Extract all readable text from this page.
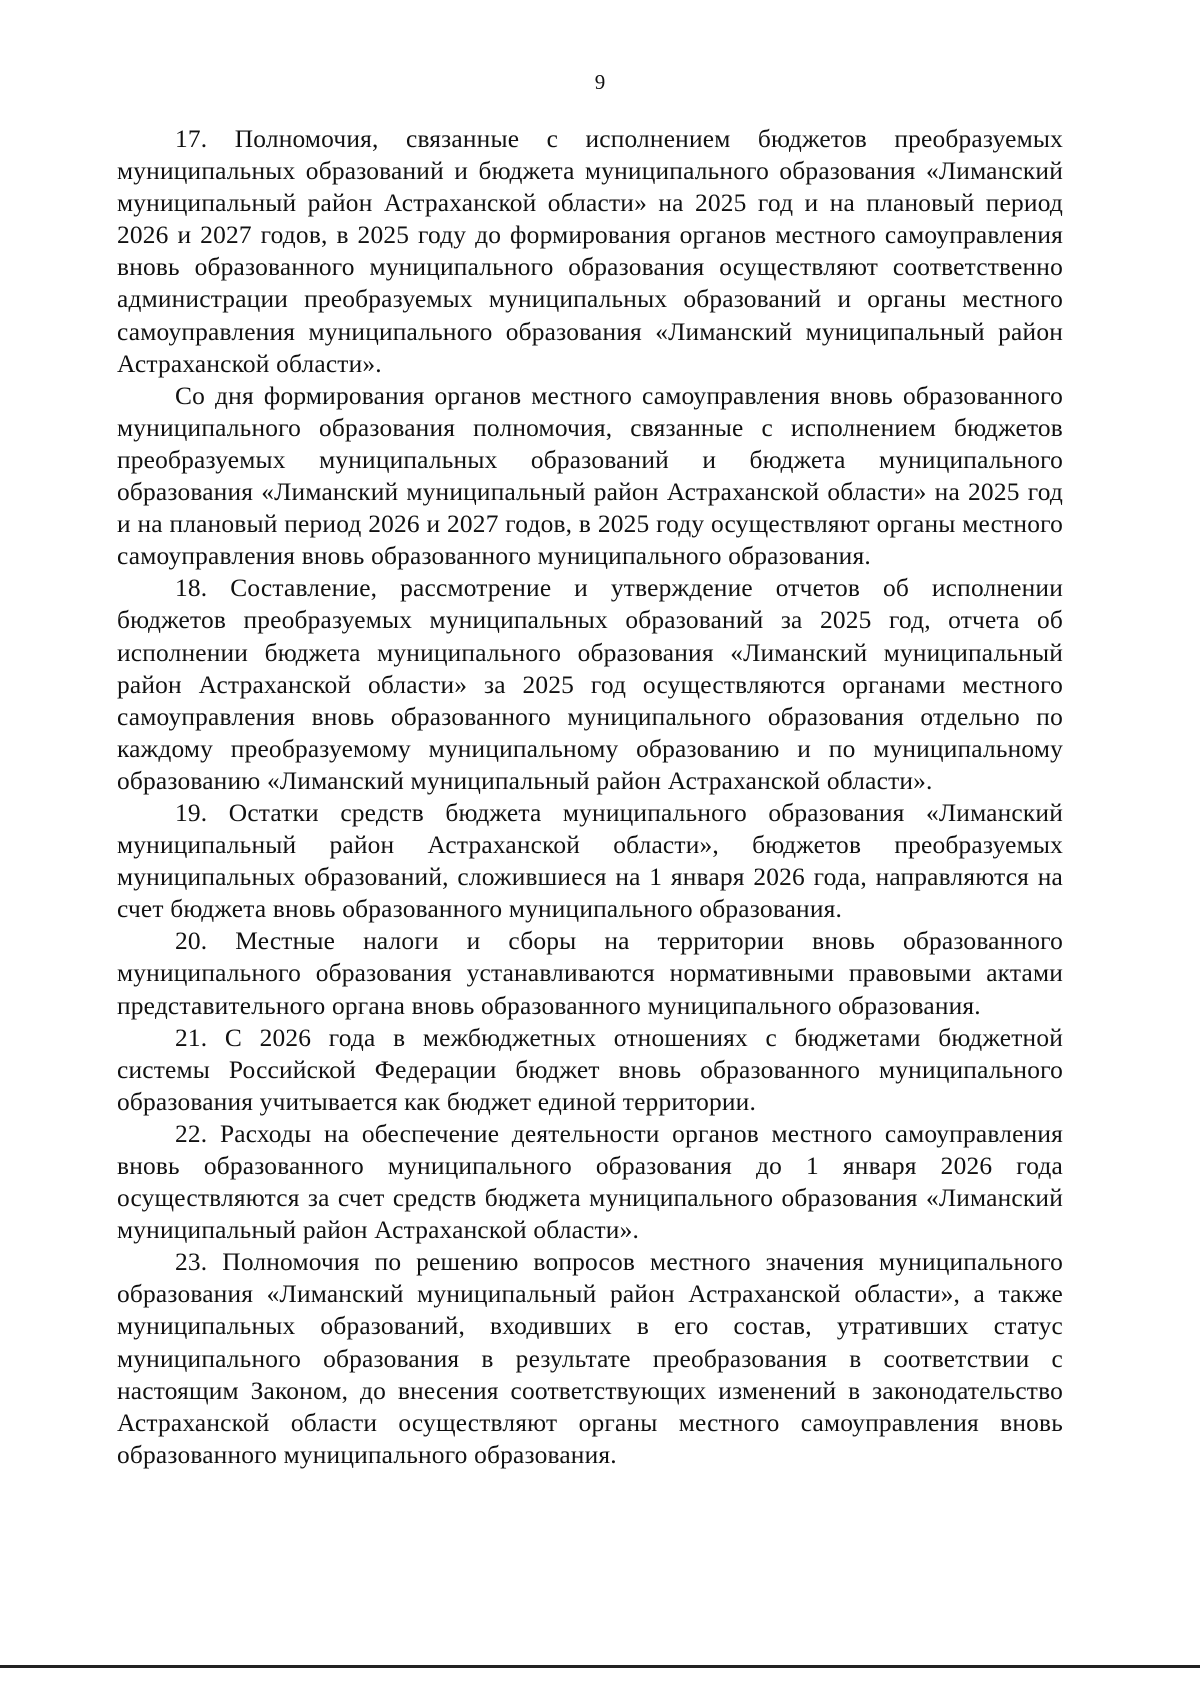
9

17. Полномочия, связанные с исполнением бюджетов преобразуемых муниципальных образований и бюджета муниципального образования «Лиманский муниципальный район Астраханской области» на 2025 год и на плановый период 2026 и 2027 годов, в 2025 году до формирования органов местного самоуправления вновь образованного муниципального образования осуществляют соответственно администрации преобразуемых муниципальных образований и органы местного самоуправления муниципального образования «Лиманский муниципальный район Астраханской области».

Со дня формирования органов местного самоуправления вновь образованного муниципального образования полномочия, связанные с исполнением бюджетов преобразуемых муниципальных образований и бюджета муниципального образования «Лиманский муниципальный район Астраханской области» на 2025 год и на плановый период 2026 и 2027 годов, в 2025 году осуществляют органы местного самоуправления вновь образованного муниципального образования.

18. Составление, рассмотрение и утверждение отчетов об исполнении бюджетов преобразуемых муниципальных образований за 2025 год, отчета об исполнении бюджета муниципального образования «Лиманский муниципальный район Астраханской области» за 2025 год осуществляются органами местного самоуправления вновь образованного муниципального образования отдельно по каждому преобразуемому муниципальному образованию и по муниципальному образованию «Лиманский муниципальный район Астраханской области».

19. Остатки средств бюджета муниципального образования «Лиманский муниципальный район Астраханской области», бюджетов преобразуемых муниципальных образований, сложившиеся на 1 января 2026 года, направляются на счет бюджета вновь образованного муниципального образования.

20. Местные налоги и сборы на территории вновь образованного муниципального образования устанавливаются нормативными правовыми актами представительного органа вновь образованного муниципального образования.

21. С 2026 года в межбюджетных отношениях с бюджетами бюджетной системы Российской Федерации бюджет вновь образованного муниципального образования учитывается как бюджет единой территории.

22. Расходы на обеспечение деятельности органов местного самоуправления вновь образованного муниципального образования до 1 января 2026 года осуществляются за счет средств бюджета муниципального образования «Лиманский муниципальный район Астраханской области».

23. Полномочия по решению вопросов местного значения муниципального образования «Лиманский муниципальный район Астраханской области», а также муниципальных образований, входивших в его состав, утративших статус муниципального образования в результате преобразования в соответствии с настоящим Законом, до внесения соответствующих изменений в законодательство Астраханской области осуществляют органы местного самоуправления вновь образованного муниципального образования.
